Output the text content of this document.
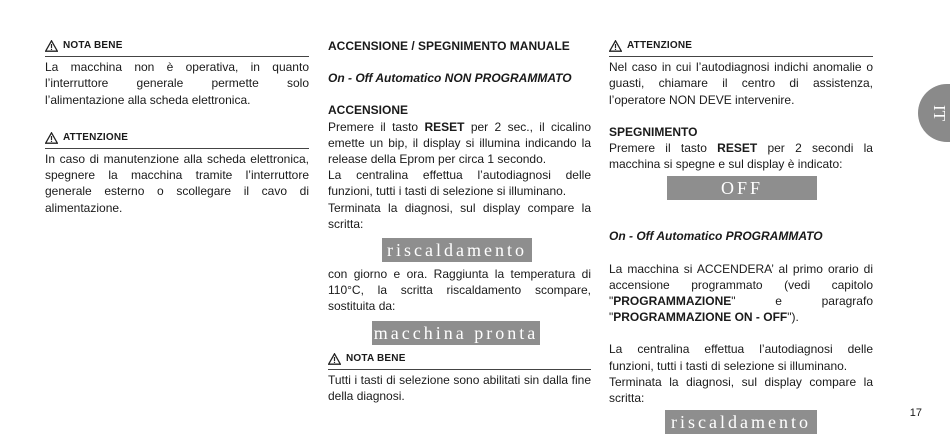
NOTA BENE

La macchina non è operativa, in quanto l’interruttore generale permette solo l’alimentazione alla scheda elettronica.

ATTENZIONE

In caso di manutenzione alla scheda elettronica, spegnere la macchina tramite l’interruttore generale esterno o scollegare il cavo di alimentazione.

ACCENSIONE / SPEGNIMENTO MANUALE
On - Off Automatico NON PROGRAMMATO
ACCENSIONE

Premere il tasto RESET per 2 sec., il cicalino emette un bip, il display si illumina indicando la release della Eprom per circa 1 secondo.

La centralina effettua l’autodiagnosi delle funzioni, tutti i tasti di selezione si illuminano.

Terminata la diagnosi, sul display compare la scritta:

riscaldamento

con giorno e ora. Raggiunta la temperatura di 110°C, la scritta riscaldamento scompare, sostituita da:

macchina pronta
NOTA BENE

Tutti i tasti di selezione sono abilitati sin dalla fine della diagnosi.

ATTENZIONE

Nel caso in cui l’autodiagnosi indichi anomalie o guasti, chiamare il centro di assistenza, l’operatore NON DEVE intervenire.

SPEGNIMENTO

Premere il tasto RESET per 2 secondi la macchina si spegne e sul display è indicato:

OFF
On - Off Automatico PROGRAMMATO

La macchina si ACCENDERA’ al primo orario di accensione programmato (vedi capitolo "PROGRAMMAZIONE" e paragrafo "PROGRAMMAZIONE ON - OFF").

La centralina effettua l’autodiagnosi delle funzioni, tutti i tasti di selezione si illuminano.

Terminata la diagnosi, sul display compare la scritta:

riscaldamento
IT
17
